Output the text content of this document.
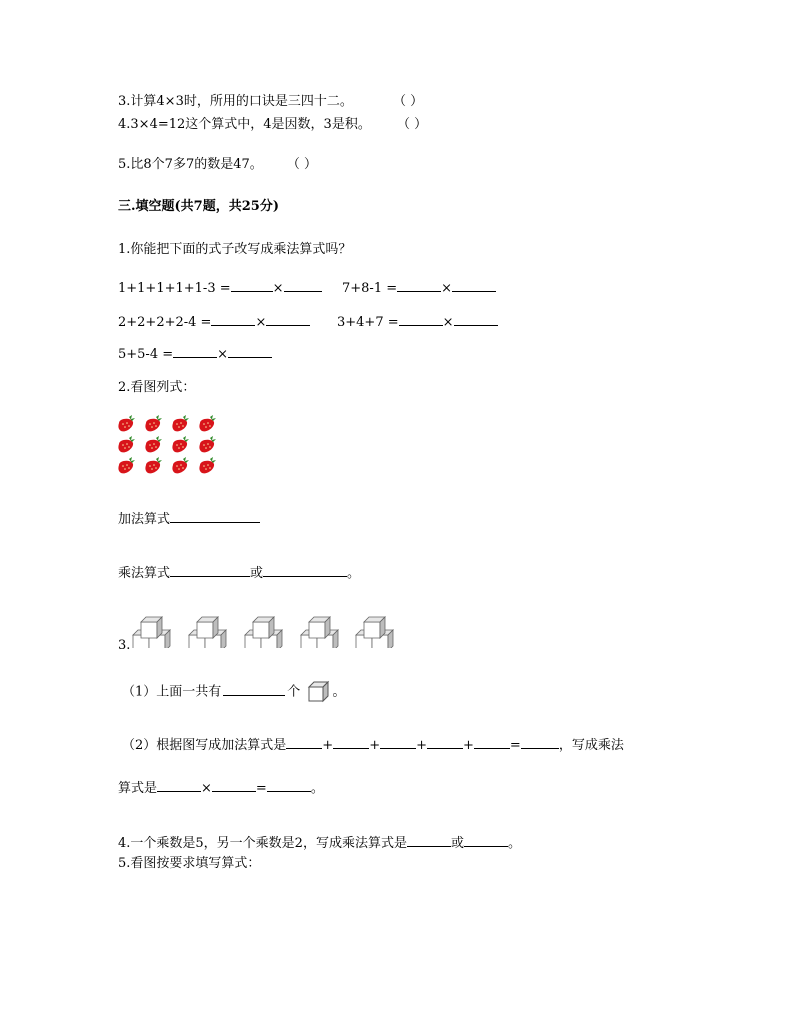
3.计算4×3时，所用的口诀是三四十二。	（ ）
4.3×4=12这个算式中，4是因数，3是积。 （ ）
5.比8个7多7的数是47。 （ ）
三.填空题(共7题，共25分)
1.你能把下面的式子改写成乘法算式吗？
1+1+1+1+1-3 =	×	7+8-1 =	×
2+2+2+2-4 =	×	3+4+7 =	×
5+5-4 =	×
2.看图列式：
加法算式
乘法算式	或	。
3.
（1）上面一共有	个 。
（2）根据图写成加法算式是	+	+	+	+	=	，写成乘法
算式是	×	=	。
4.一个乘数是5，另一个乘数是2，写成乘法算式是	或	。
5.看图按要求填写算式：
